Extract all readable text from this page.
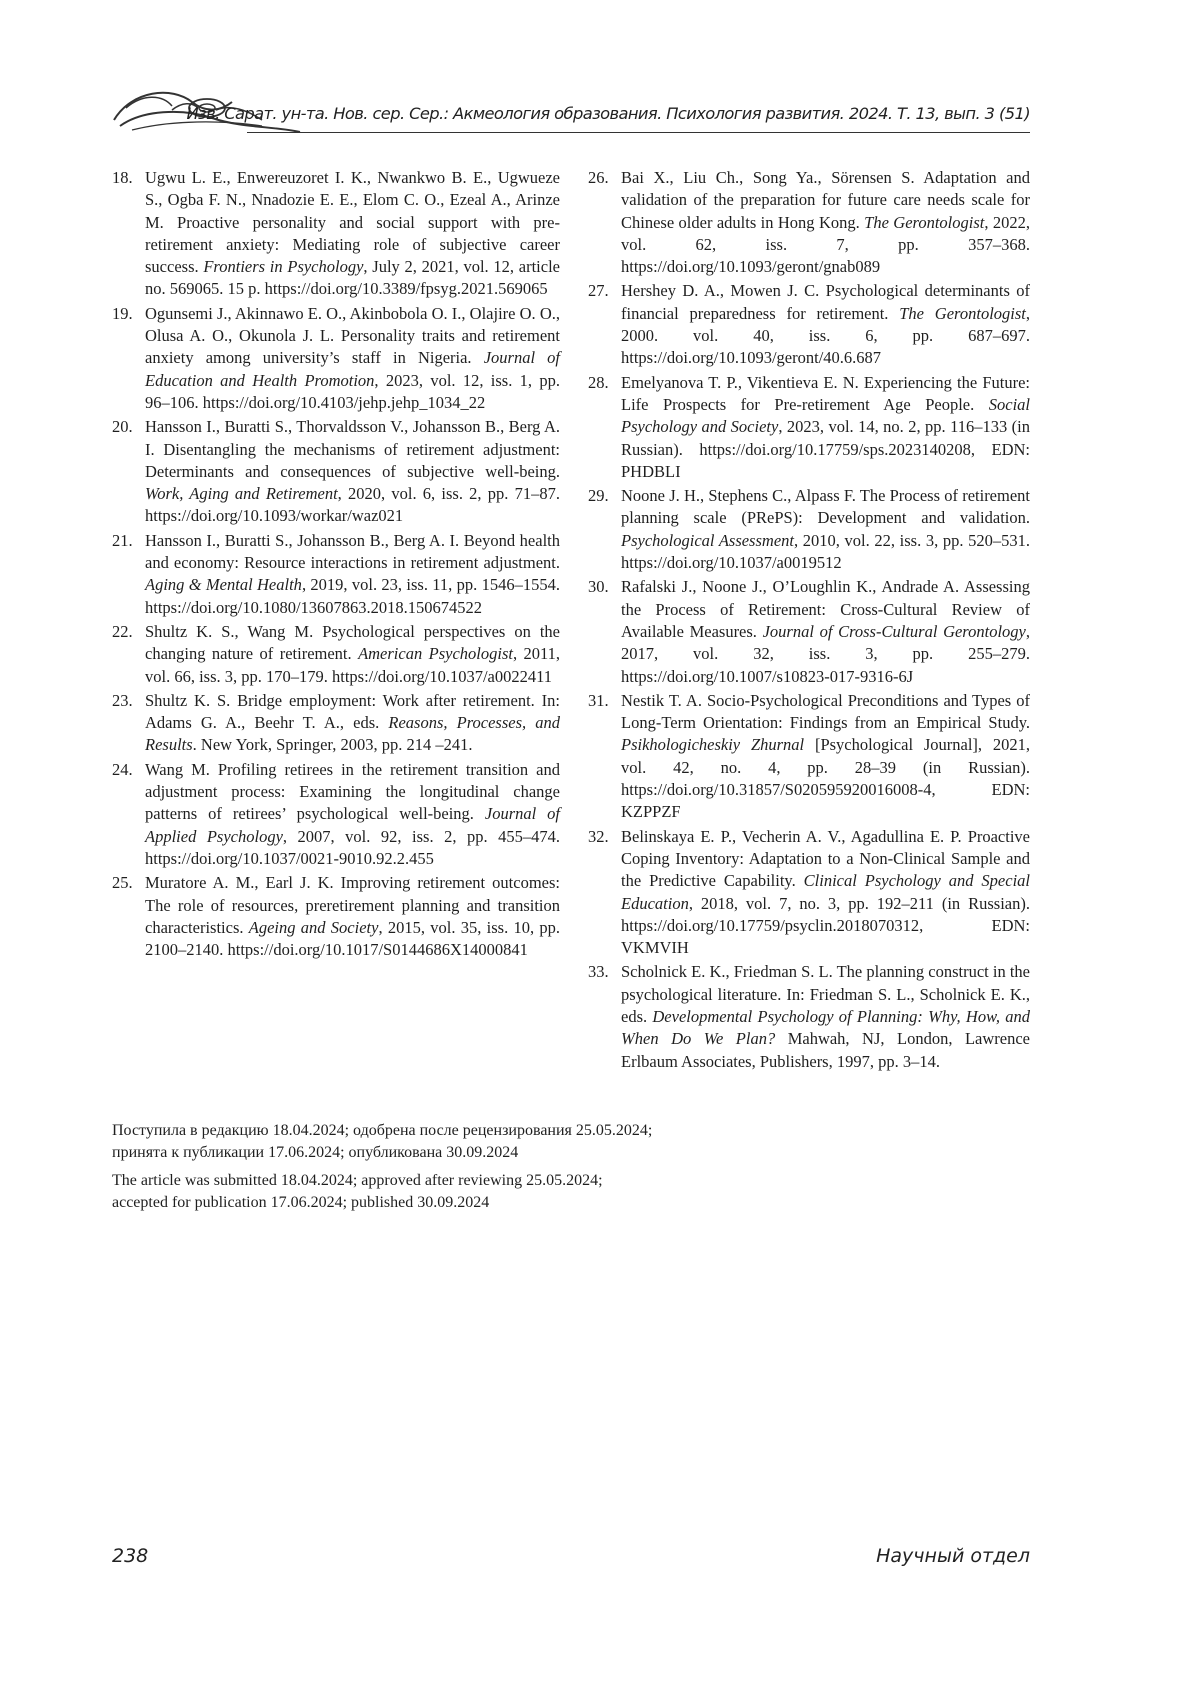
Изв. Сарат. ун-та. Нов. сер. Сер.: Акмеология образования. Психология развития. 2024. Т. 13, вып. 3 (51)
18. Ugwu L. E., Enwereuzoret I. K., Nwankwo B. E., Ugwueze S., Ogba F. N., Nnadozie E. E., Elom C. O., Ezeal A., Arinze M. Proactive personality and social support with pre-retirement anxiety: Mediating role of subjective career success. Frontiers in Psychology, July 2, 2021, vol. 12, article no. 569065. 15 p. https://doi.org/10.3389/fpsyg.2021.569065
19. Ogunsemi J., Akinnawo E. O., Akinbobola O. I., Olajire O. O., Olusa A. O., Okunola J. L. Personality traits and retirement anxiety among university’s staff in Nigeria. Journal of Education and Health Promotion, 2023, vol. 12, iss. 1, pp. 96–106. https://doi.org/10.4103/jehp.jehp_1034_22
20. Hansson I., Buratti S., Thorvaldsson V., Johansson B., Berg A. I. Disentangling the mechanisms of retirement adjustment: Determinants and consequences of subjective well-being. Work, Aging and Retirement, 2020, vol. 6, iss. 2, pp. 71–87. https://doi.org/10.1093/workar/waz021
21. Hansson I., Buratti S., Johansson B., Berg A. I. Beyond health and economy: Resource interactions in retirement adjustment. Aging & Mental Health, 2019, vol. 23, iss. 11, pp. 1546–1554. https://doi.org/10.1080/13607863.2018.150674522
22. Shultz K. S., Wang M. Psychological perspectives on the changing nature of retirement. American Psychologist, 2011, vol. 66, iss. 3, pp. 170–179. https://doi.org/10.1037/a0022411
23. Shultz K. S. Bridge employment: Work after retirement. In: Adams G. A., Beehr T. A., eds. Reasons, Processes, and Results. New York, Springer, 2003, pp. 214 –241.
24. Wang M. Profiling retirees in the retirement transition and adjustment process: Examining the longitudinal change patterns of retirees’ psychological well-being. Journal of Applied Psychology, 2007, vol. 92, iss. 2, pp. 455–474. https://doi.org/10.1037/0021-9010.92.2.455
25. Muratore A. M., Earl J. K. Improving retirement outcomes: The role of resources, preretirement planning and transition characteristics. Ageing and Society, 2015, vol. 35, iss. 10, pp. 2100–2140. https://doi.org/10.1017/S0144686X14000841
26. Bai X., Liu Ch., Song Ya., Sörensen S. Adaptation and validation of the preparation for future care needs scale for Chinese older adults in Hong Kong. The Gerontologist, 2022, vol. 62, iss. 7, pp. 357–368. https://doi.org/10.1093/geront/gnab089
27. Hershey D. A., Mowen J. C. Psychological determinants of financial preparedness for retirement. The Gerontologist, 2000. vol. 40, iss. 6, pp. 687–697. https://doi.org/10.1093/geront/40.6.687
28. Emelyanova T. P., Vikentieva E. N. Experiencing the Future: Life Prospects for Pre-retirement Age People. Social Psychology and Society, 2023, vol. 14, no. 2, pp. 116–133 (in Russian). https://doi.org/10.17759/sps.2023140208, EDN: PHDBLI
29. Noone J. H., Stephens C., Alpass F. The Process of retirement planning scale (PRePS): Development and validation. Psychological Assessment, 2010, vol. 22, iss. 3, pp. 520–531. https://doi.org/10.1037/a0019512
30. Rafalski J., Noone J., O’Loughlin K., Andrade A. Assessing the Process of Retirement: Cross-Cultural Review of Available Measures. Journal of Cross-Cultural Gerontology, 2017, vol. 32, iss. 3, pp. 255–279. https://doi.org/10.1007/s10823-017-9316-6J
31. Nestik T. A. Socio-Psychological Preconditions and Types of Long-Term Orientation: Findings from an Empirical Study. Psikhologicheskiy Zhurnal [Psychological Journal], 2021, vol. 42, no. 4, pp. 28–39 (in Russian). https://doi.org/10.31857/S020595920016008-4, EDN: KZPPZF
32. Belinskaya E. P., Vecherin A. V., Agadullina E. P. Proactive Coping Inventory: Adaptation to a Non-Clinical Sample and the Predictive Capability. Clinical Psychology and Special Education, 2018, vol. 7, no. 3, pp. 192–211 (in Russian). https://doi.org/10.17759/psyclin.2018070312, EDN: VKMVIH
33. Scholnick E. K., Friedman S. L. The planning construct in the psychological literature. In: Friedman S. L., Scholnick E. K., eds. Developmental Psychology of Planning: Why, How, and When Do We Plan? Mahwah, NJ, London, Lawrence Erlbaum Associates, Publishers, 1997, pp. 3–14.

Поступила в редакцию 18.04.2024; одобрена после рецензирования 25.05.2024;
принята к публикации 17.06.2024; опубликована 30.09.2024

The article was submitted 18.04.2024; approved after reviewing 25.05.2024;
accepted for publication 17.06.2024; published 30.09.2024

238	Научный отдел
